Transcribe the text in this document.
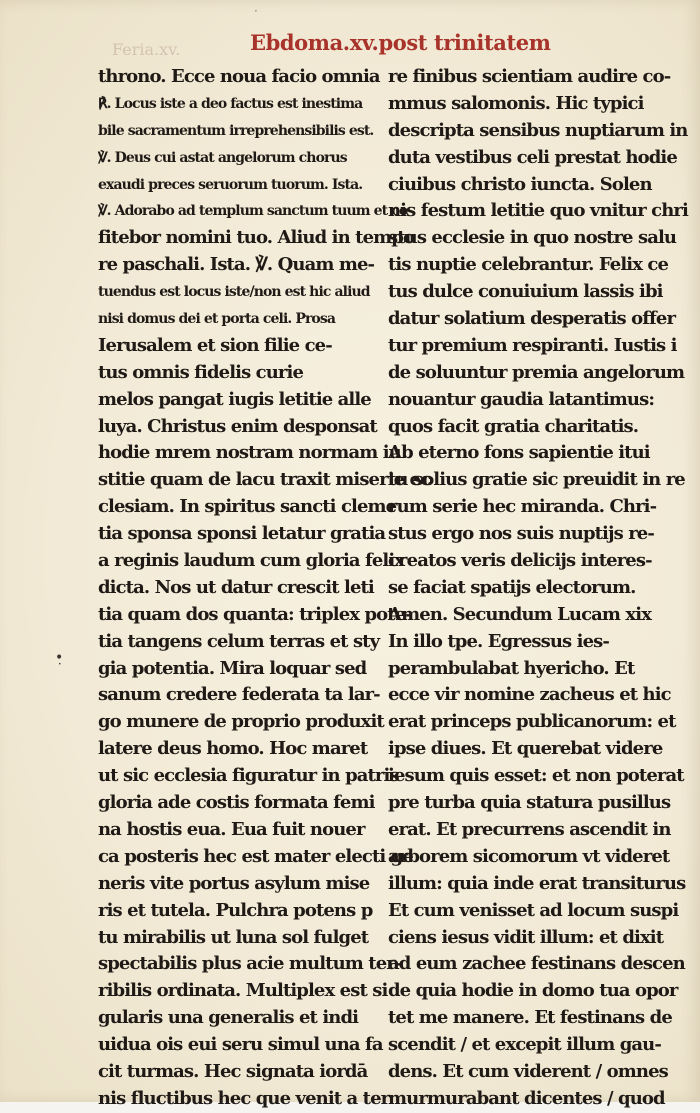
·
Feria.xv.	Ebdoma.xv.post trinitatem
throno. Ecce noua facio omnia
℟. Locus iste a deo factus est inestima
bile sacramentum irreprehensibilis est.
℣. Deus cui astat angelorum chorus
exaudi preces seruorum tuorum. Ista.
℣. Adorabo ad templum sanctum tuum et co
fitebor nomini tuo. Aliud in tempo
re paschali. Ista. ℣. Quam me-
tuendus est locus iste/non est hic aliud
nisi domus dei et porta celi. Prosa
Ierusalem et sion filie ce-
tus omnis fidelis curie
melos pangat iugis letitie alle
luya. Christus enim desponsat
hodie mrem nostram normam iu
stitie quam de lacu traxit miserie ec
clesiam. In spiritus sancti cleme
tia sponsa sponsi letatur gratia
a reginis laudum cum gloria felix
dicta. Nos ut datur crescit leti
tia quam dos quanta: triplex pote-
tia tangens celum terras et sty
gia potentia. Mira loquar sed
sanum credere federata ta lar-
go munere de proprio produxit
latere deus homo. Hoc maret
ut sic ecclesia figuratur in patris
gloria ade costis formata femi
na hostis eua. Eua fuit nouer
ca posteris hec est mater electi ge
neris vite portus asylum mise
ris et tutela. Pulchra potens p
tu mirabilis ut luna sol fulget
spectabilis plus acie multum ter-
ribilis ordinata. Multiplex est si
gularis una generalis et indi
uidua ois eui seru simul una fa
cit turmas. Hec signata iordā
nis fluctibus hec que venit a ter
re finibus scientiam audire co-
mmus salomonis. Hic typici
descripta sensibus nuptiarum in
duta vestibus celi prestat hodie
ciuibus christo iuncta. Solen
nis festum letitie quo vnitur chri
stus ecclesie in quo nostre salu
tis nuptie celebrantur. Felix ce
tus dulce conuiuium lassis ibi
datur solatium desperatis offer
tur premium respiranti. Iustis i
de soluuntur premia angelorum
nouantur gaudia latantimus:
quos facit gratia charitatis.
Ab eterno fons sapientie itui
tu solius gratie sic preuidit in re
rum serie hec miranda. Chri-
stus ergo nos suis nuptijs re-
creatos veris delicijs interes-
se faciat spatijs electorum.
Amen. Secundum Lucam xix
In illo tpe. Egressus ies-
perambulabat hyericho. Et
ecce vir nomine zacheus et hic
erat princeps publicanorum: et
ipse diues. Et querebat videre
iesum quis esset: et non poterat
pre turba quia statura pusillus
erat. Et precurrens ascendit in
arborem sicomorum vt videret
illum: quia inde erat transiturus
Et cum venisset ad locum suspi
ciens iesus vidit illum: et dixit
ad eum zachee festinans descen
de quia hodie in domo tua opor
tet me manere. Et festinans de
scendit / et excepit illum gau-
dens. Et cum viderent / omnes
murmurabant dicentes / quod
•̣
